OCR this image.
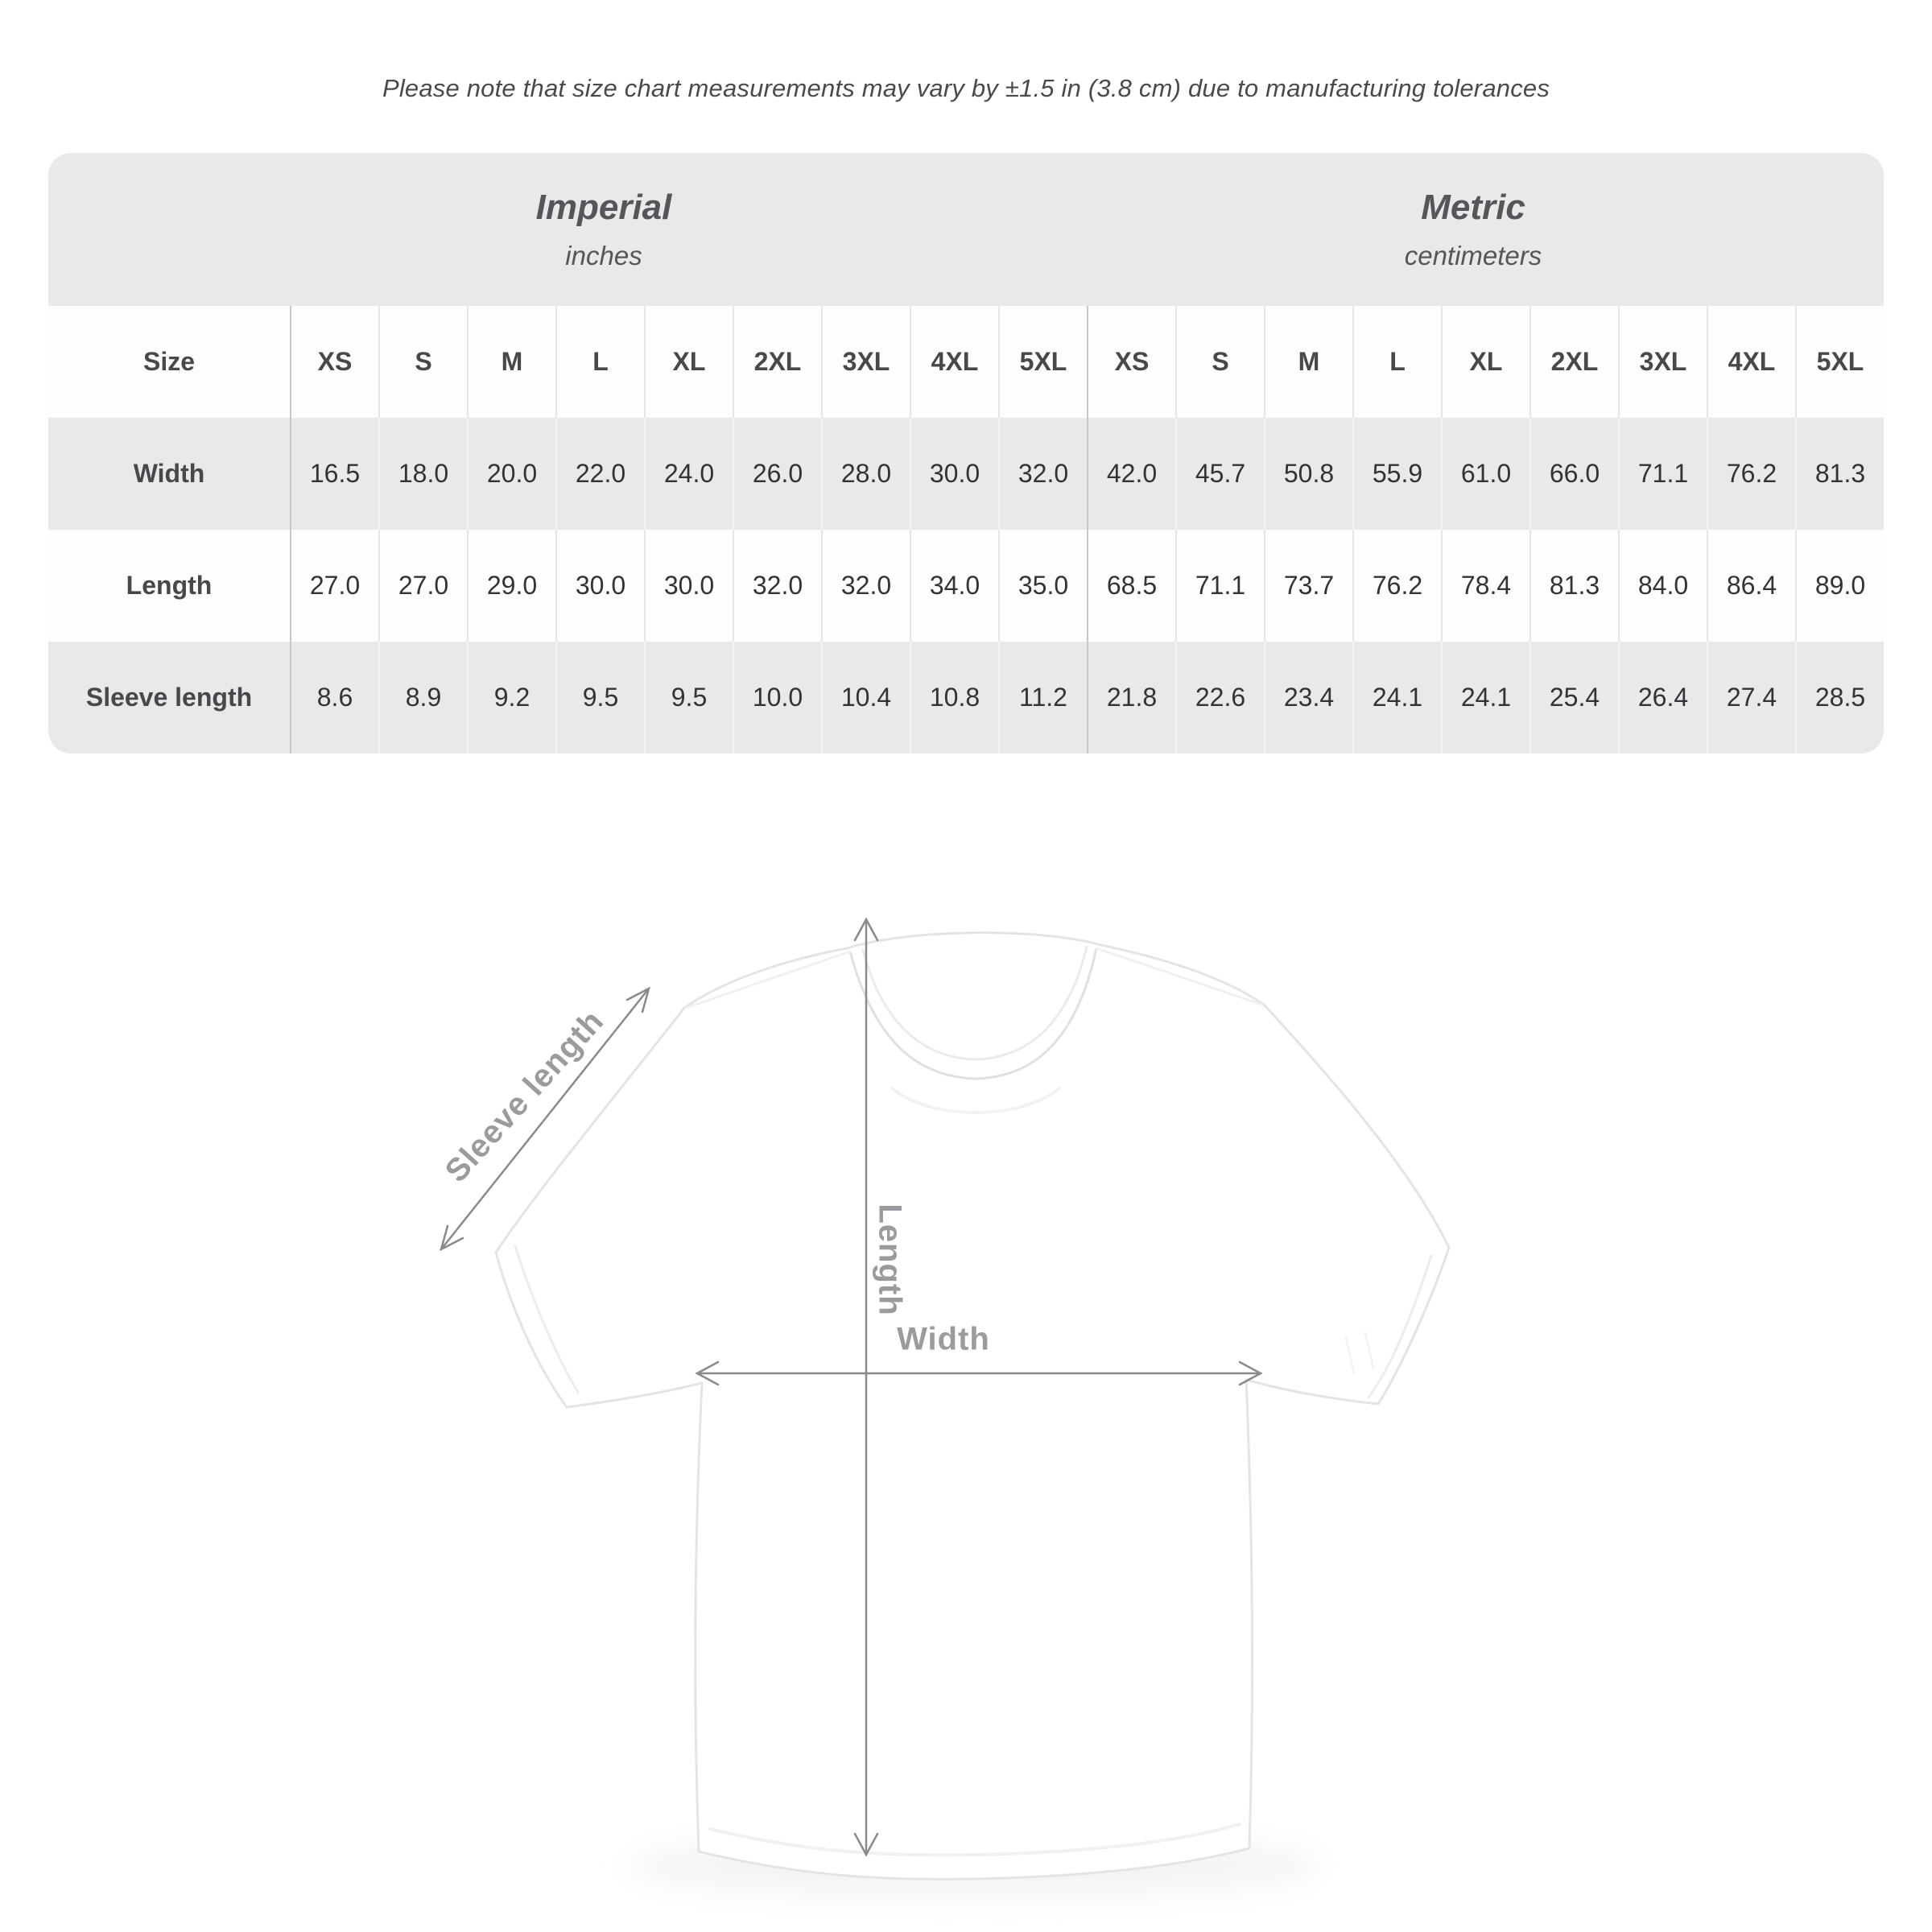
Please note that size chart measurements may vary by ±1.5 in (3.8 cm) due to manufacturing tolerances
Imperial
inches
Metric
centimeters
Size	XS	S	M	L	XL	2XL	3XL	4XL	5XL	XS	S	M	L	XL	2XL	3XL	4XL	5XL
Width	16.5	18.0	20.0	22.0	24.0	26.0	28.0	30.0	32.0	42.0	45.7	50.8	55.9	61.0	66.0	71.1	76.2	81.3
Length	27.0	27.0	29.0	30.0	30.0	32.0	32.0	34.0	35.0	68.5	71.1	73.7	76.2	78.4	81.3	84.0	86.4	89.0
Sleeve length	8.6	8.9	9.2	9.5	9.5	10.0	10.4	10.8	11.2	21.8	22.6	23.4	24.1	24.1	25.4	26.4	27.4	28.5
Length
Width
Sleeve length
